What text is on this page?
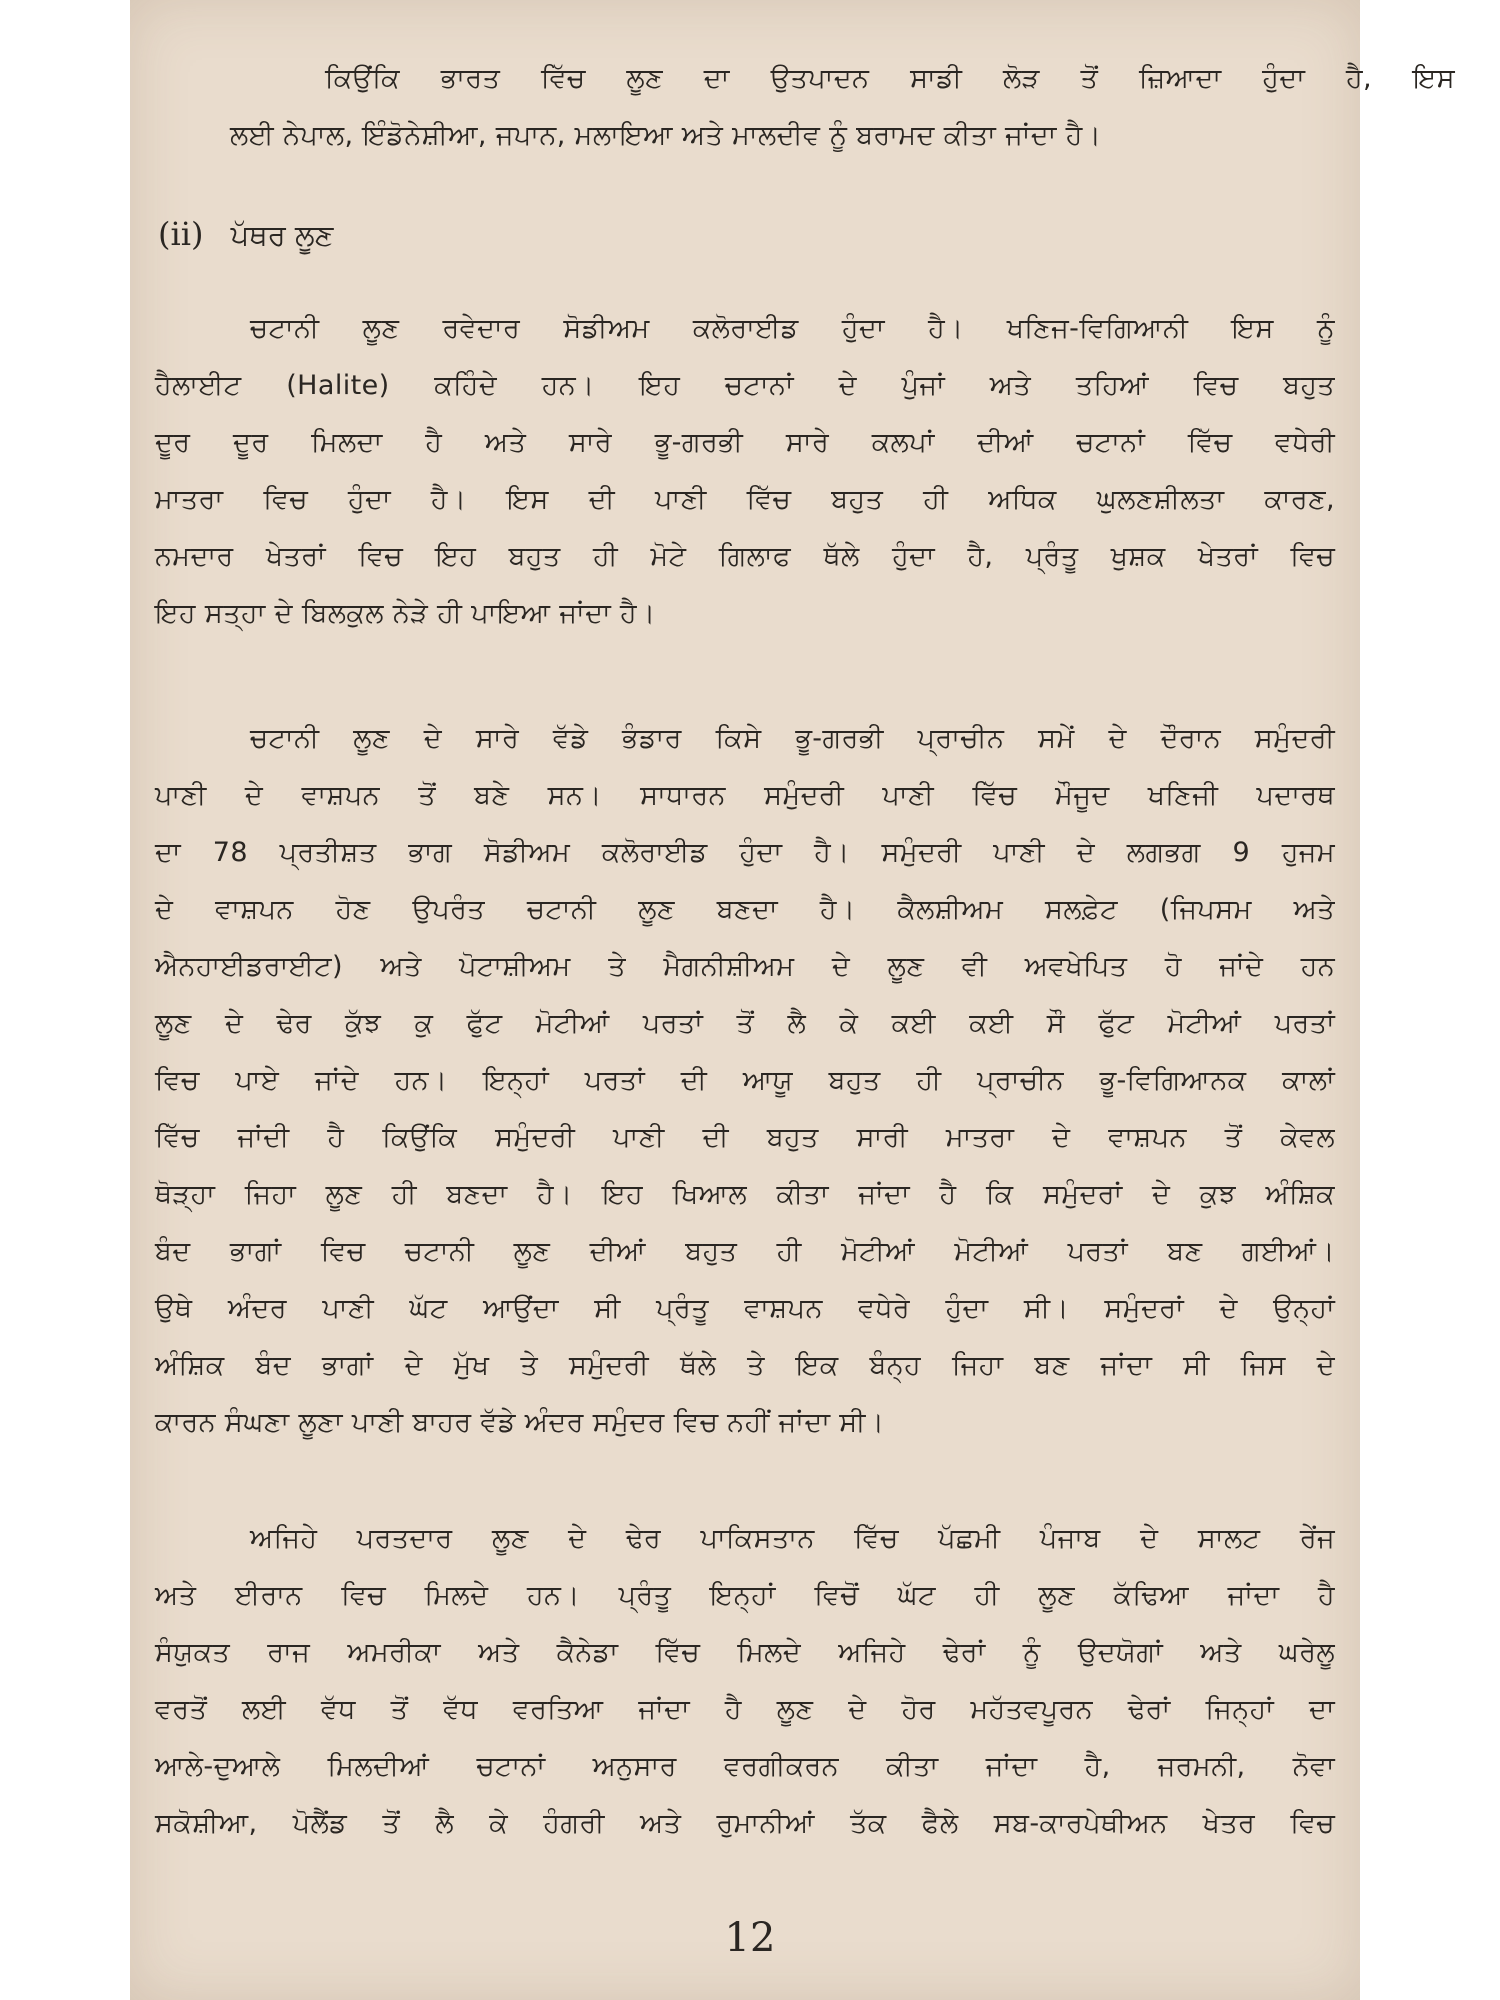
ਕਿਉਂਕਿ ਭਾਰਤ ਵਿੱਚ ਲੂਣ ਦਾ ਉਤਪਾਦਨ ਸਾਡੀ ਲੋੜ ਤੋਂ ਜ਼ਿਆਦਾ ਹੁੰਦਾ ਹੈ, ਇਸ
ਲਈ ਨੇਪਾਲ, ਇੰਡੋਨੇਸ਼ੀਆ, ਜਪਾਨ, ਮਲਾਇਆ ਅਤੇ ਮਾਲਦੀਵ ਨੂੰ ਬਰਾਮਦ ਕੀਤਾ ਜਾਂਦਾ ਹੈ।
(ii) ਪੱਥਰ ਲੂਣ
ਚਟਾਨੀ ਲੂਣ ਰਵੇਦਾਰ ਸੋਡੀਅਮ ਕਲੋਰਾਈਡ ਹੁੰਦਾ ਹੈ। ਖਣਿਜ-ਵਿਗਿਆਨੀ ਇਸ ਨੂੰ
ਹੈਲਾਈਟ (Halite) ਕਹਿੰਦੇ ਹਨ। ਇਹ ਚਟਾਨਾਂ ਦੇ ਪੁੰਜਾਂ ਅਤੇ ਤਹਿਆਂ ਵਿਚ ਬਹੁਤ
ਦੂਰ ਦੂਰ ਮਿਲਦਾ ਹੈ ਅਤੇ ਸਾਰੇ ਭੂ-ਗਰਭੀ ਸਾਰੇ ਕਲਪਾਂ ਦੀਆਂ ਚਟਾਨਾਂ ਵਿੱਚ ਵਧੇਰੀ
ਮਾਤਰਾ ਵਿਚ ਹੁੰਦਾ ਹੈ। ਇਸ ਦੀ ਪਾਣੀ ਵਿੱਚ ਬਹੁਤ ਹੀ ਅਧਿਕ ਘੁਲਣਸ਼ੀਲਤਾ ਕਾਰਣ,
ਨਮਦਾਰ ਖੇਤਰਾਂ ਵਿਚ ਇਹ ਬਹੁਤ ਹੀ ਮੋਟੇ ਗਿਲਾਫ ਥੱਲੇ ਹੁੰਦਾ ਹੈ, ਪ੍ਰੰਤੂ ਖੁਸ਼ਕ ਖੇਤਰਾਂ ਵਿਚ
ਇਹ ਸਤ੍ਹਾ ਦੇ ਬਿਲਕੁਲ ਨੇੜੇ ਹੀ ਪਾਇਆ ਜਾਂਦਾ ਹੈ।
ਚਟਾਨੀ ਲੂਣ ਦੇ ਸਾਰੇ ਵੱਡੇ ਭੰਡਾਰ ਕਿਸੇ ਭੂ-ਗਰਭੀ ਪ੍ਰਾਚੀਨ ਸਮੇਂ ਦੇ ਦੌਰਾਨ ਸਮੁੰਦਰੀ
ਪਾਣੀ ਦੇ ਵਾਸ਼ਪਨ ਤੋਂ ਬਣੇ ਸਨ। ਸਾਧਾਰਨ ਸਮੁੰਦਰੀ ਪਾਣੀ ਵਿੱਚ ਮੌਜੂਦ ਖਣਿਜੀ ਪਦਾਰਥ
ਦਾ 78 ਪ੍ਰਤੀਸ਼ਤ ਭਾਗ ਸੋਡੀਅਮ ਕਲੋਰਾਈਡ ਹੁੰਦਾ ਹੈ। ਸਮੁੰਦਰੀ ਪਾਣੀ ਦੇ ਲਗਭਗ 9 ਹੁਜਮ
ਦੇ ਵਾਸ਼ਪਨ ਹੋਣ ਉਪਰੰਤ ਚਟਾਨੀ ਲੂਣ ਬਣਦਾ ਹੈ। ਕੈਲਸ਼ੀਅਮ ਸਲਫ਼ੇਟ (ਜਿਪਸਮ ਅਤੇ
ਐਨਹਾਈਡਰਾਈਟ) ਅਤੇ ਪੋਟਾਸ਼ੀਅਮ ਤੇ ਮੈਗਨੀਸ਼ੀਅਮ ਦੇ ਲੂਣ ਵੀ ਅਵਖੇਪਿਤ ਹੋ ਜਾਂਦੇ ਹਨ
ਲੂਣ ਦੇ ਢੇਰ ਕੁੱਝ ਕੁ ਫੁੱਟ ਮੋਟੀਆਂ ਪਰਤਾਂ ਤੋਂ ਲੈ ਕੇ ਕਈ ਕਈ ਸੌ ਫੁੱਟ ਮੋਟੀਆਂ ਪਰਤਾਂ
ਵਿਚ ਪਾਏ ਜਾਂਦੇ ਹਨ। ਇਨ੍ਹਾਂ ਪਰਤਾਂ ਦੀ ਆਯੂ ਬਹੁਤ ਹੀ ਪ੍ਰਾਚੀਨ ਭੂ-ਵਿਗਿਆਨਕ ਕਾਲਾਂ
ਵਿੱਚ ਜਾਂਦੀ ਹੈ ਕਿਉਂਕਿ ਸਮੁੰਦਰੀ ਪਾਣੀ ਦੀ ਬਹੁਤ ਸਾਰੀ ਮਾਤਰਾ ਦੇ ਵਾਸ਼ਪਨ ਤੋਂ ਕੇਵਲ
ਥੋੜ੍ਹਾ ਜਿਹਾ ਲੂਣ ਹੀ ਬਣਦਾ ਹੈ। ਇਹ ਖਿਆਲ ਕੀਤਾ ਜਾਂਦਾ ਹੈ ਕਿ ਸਮੁੰਦਰਾਂ ਦੇ ਕੁਝ ਅੰਸ਼ਿਕ
ਬੰਦ ਭਾਗਾਂ ਵਿਚ ਚਟਾਨੀ ਲੂਣ ਦੀਆਂ ਬਹੁਤ ਹੀ ਮੋਟੀਆਂ ਮੋਟੀਆਂ ਪਰਤਾਂ ਬਣ ਗਈਆਂ।
ਉਥੇ ਅੰਦਰ ਪਾਣੀ ਘੱਟ ਆਉਂਦਾ ਸੀ ਪ੍ਰੰਤੂ ਵਾਸ਼ਪਨ ਵਧੇਰੇ ਹੁੰਦਾ ਸੀ। ਸਮੁੰਦਰਾਂ ਦੇ ਉਨ੍ਹਾਂ
ਅੰਸ਼ਿਕ ਬੰਦ ਭਾਗਾਂ ਦੇ ਮੁੱਖ ਤੇ ਸਮੁੰਦਰੀ ਥੱਲੇ ਤੇ ਇਕ ਬੰਨ੍ਹ ਜਿਹਾ ਬਣ ਜਾਂਦਾ ਸੀ ਜਿਸ ਦੇ
ਕਾਰਨ ਸੰਘਣਾ ਲੂਣਾ ਪਾਣੀ ਬਾਹਰ ਵੱਡੇ ਅੰਦਰ ਸਮੁੰਦਰ ਵਿਚ ਨਹੀਂ ਜਾਂਦਾ ਸੀ।
ਅਜਿਹੇ ਪਰਤਦਾਰ ਲੂਣ ਦੇ ਢੇਰ ਪਾਕਿਸਤਾਨ ਵਿੱਚ ਪੱਛਮੀ ਪੰਜਾਬ ਦੇ ਸਾਲਟ ਰੇਂਜ
ਅਤੇ ਈਰਾਨ ਵਿਚ ਮਿਲਦੇ ਹਨ। ਪ੍ਰੰਤੂ ਇਨ੍ਹਾਂ ਵਿਚੋਂ ਘੱਟ ਹੀ ਲੂਣ ਕੱਢਿਆ ਜਾਂਦਾ ਹੈ
ਸੰਯੁਕਤ ਰਾਜ ਅਮਰੀਕਾ ਅਤੇ ਕੈਨੇਡਾ ਵਿੱਚ ਮਿਲਦੇ ਅਜਿਹੇ ਢੇਰਾਂ ਨੂੰ ਉਦਯੋਗਾਂ ਅਤੇ ਘਰੇਲੂ
ਵਰਤੋਂ ਲਈ ਵੱਧ ਤੋਂ ਵੱਧ ਵਰਤਿਆ ਜਾਂਦਾ ਹੈ ਲੂਣ ਦੇ ਹੋਰ ਮਹੱਤਵਪੂਰਨ ਢੇਰਾਂ ਜਿਨ੍ਹਾਂ ਦਾ
ਆਲੇ-ਦੁਆਲੇ ਮਿਲਦੀਆਂ ਚਟਾਨਾਂ ਅਨੁਸਾਰ ਵਰਗੀਕਰਨ ਕੀਤਾ ਜਾਂਦਾ ਹੈ, ਜਰਮਨੀ, ਨੋਵਾ
ਸਕੋਸ਼ੀਆ, ਪੋਲੈਂਡ ਤੋਂ ਲੈ ਕੇ ਹੰਗਰੀ ਅਤੇ ਰੁਮਾਨੀਆਂ ਤੱਕ ਫੈਲੇ ਸਬ-ਕਾਰਪੇਥੀਅਨ ਖੇਤਰ ਵਿਚ
12
